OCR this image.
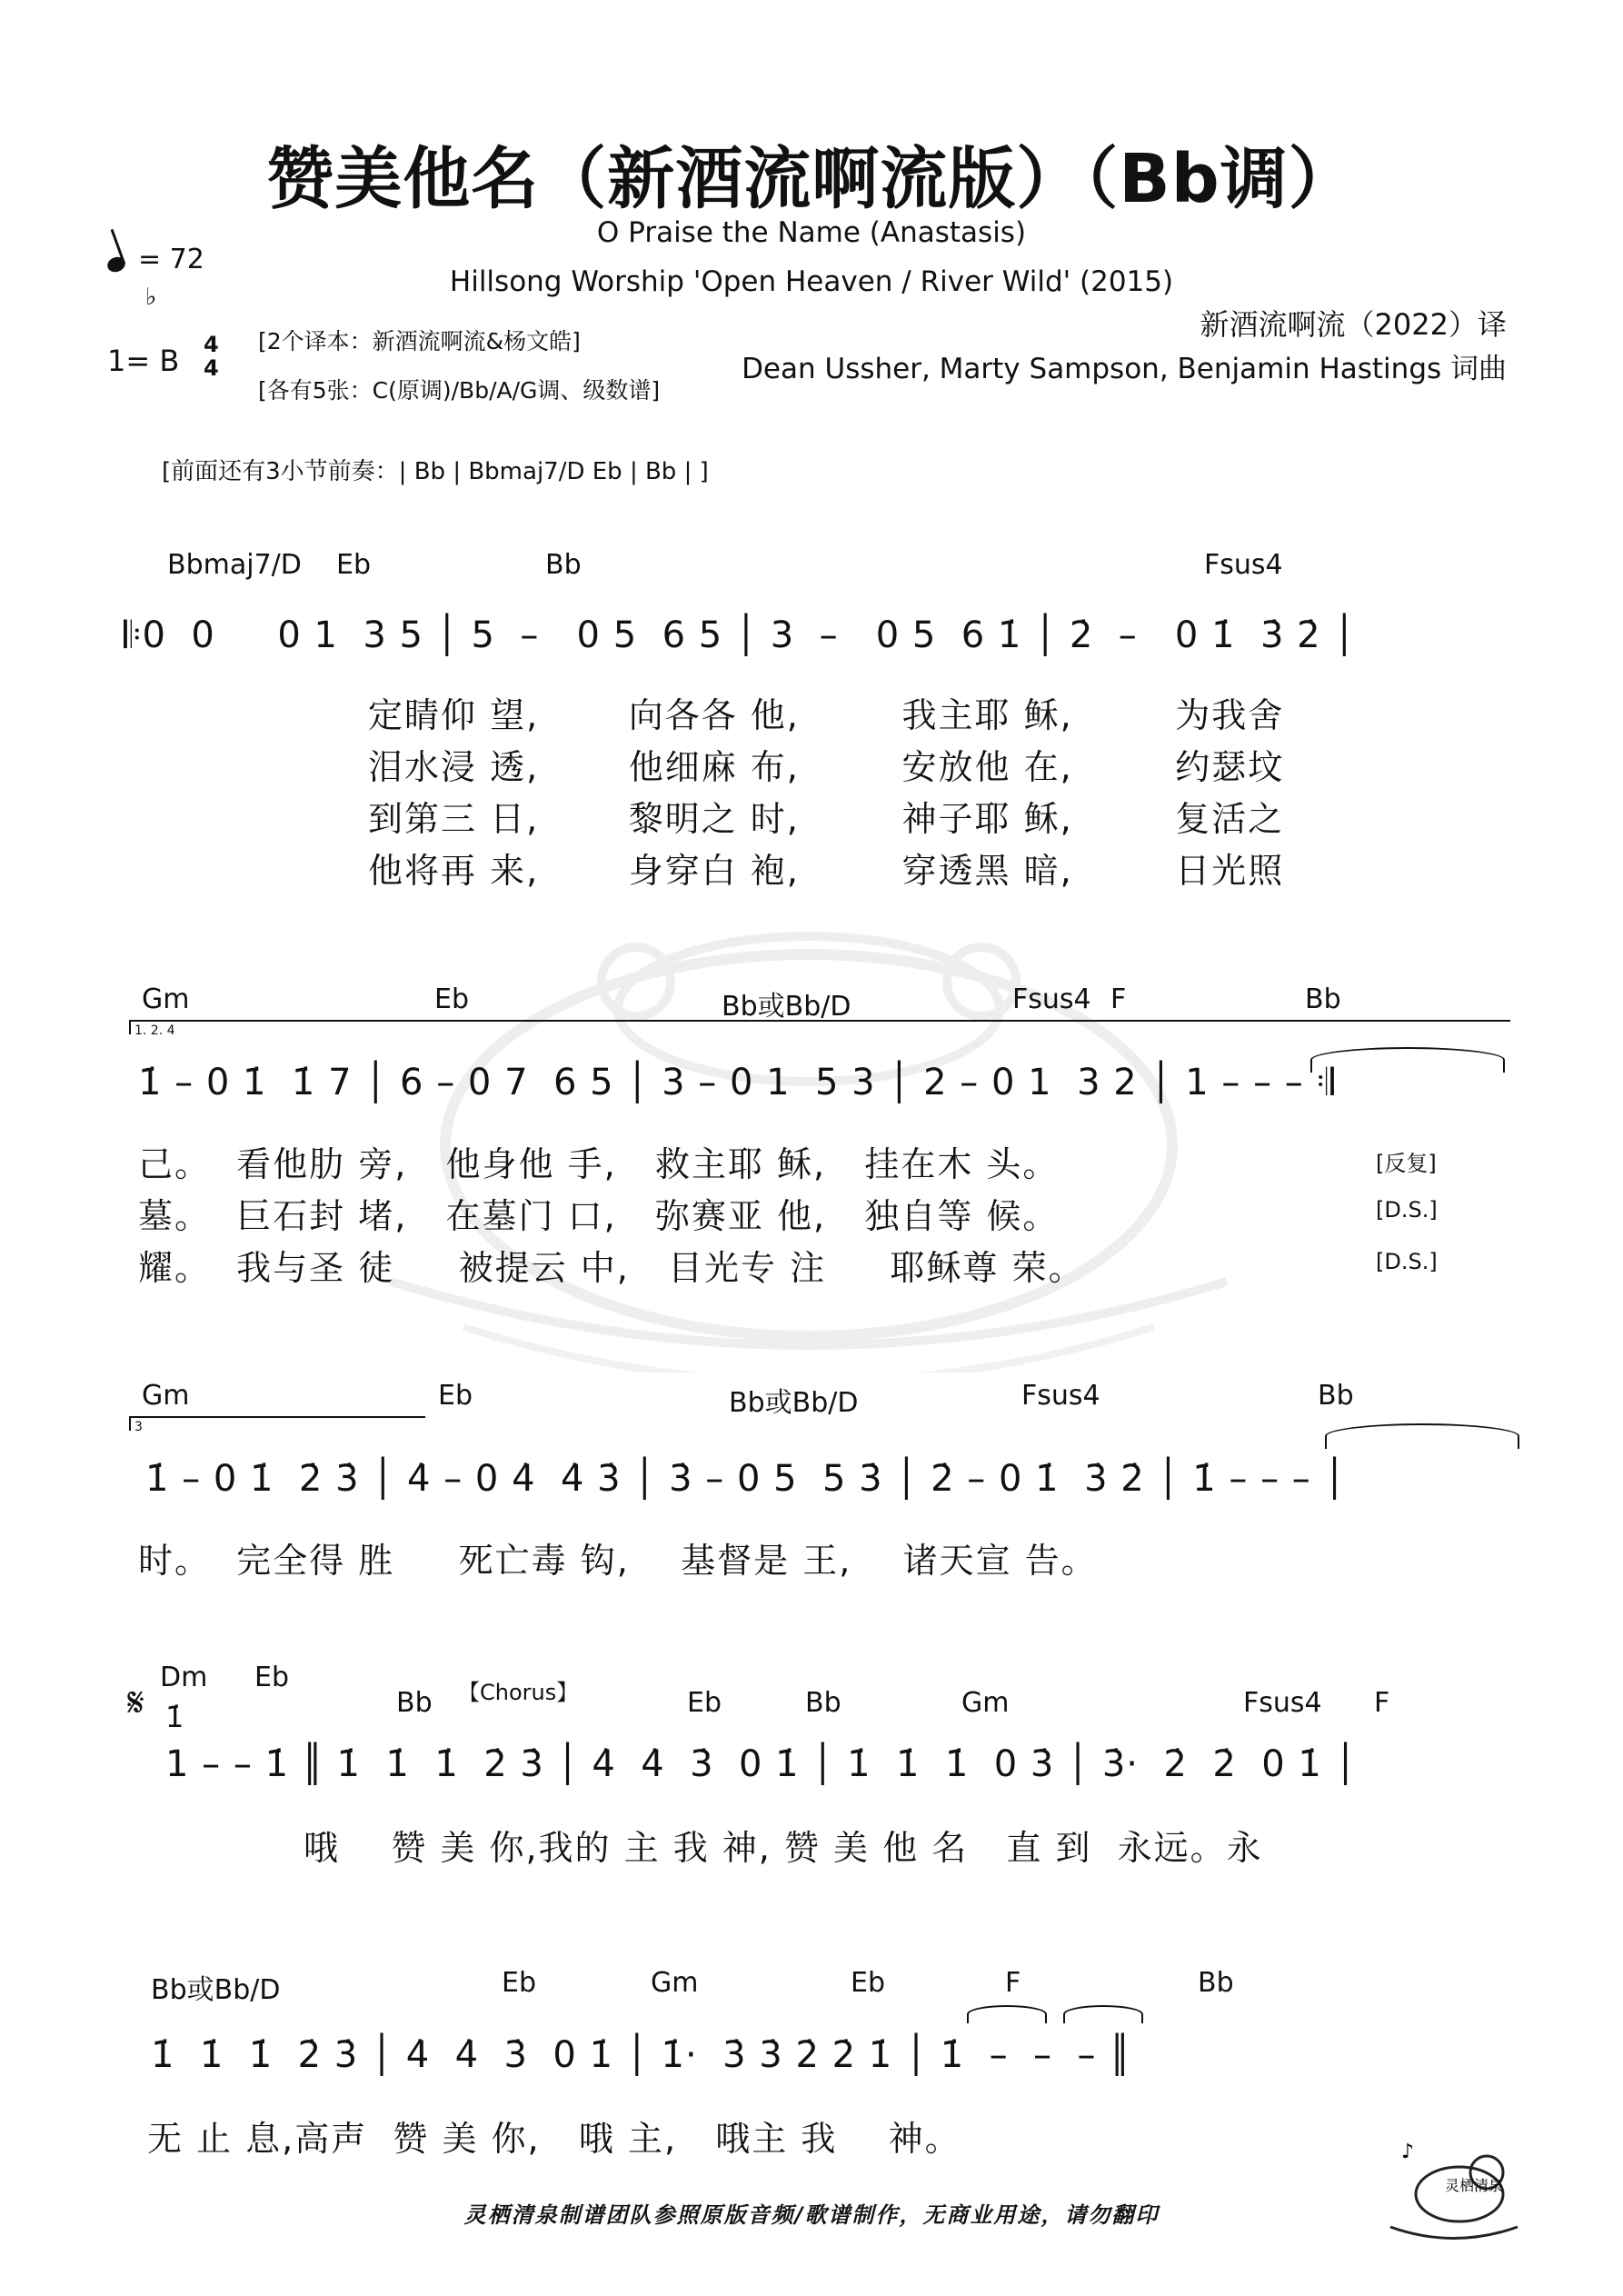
赞美他名（新酒流啊流版）（Bb调）
O Praise the Name (Anastasis)
Hillsong Worship 'Open Heaven / River Wild' (2015)
= 72
1= B
♭
4
4
[2个译本：新酒流啊流&杨文皓]
[各有5张：C(原调)/Bb/A/G调、级数谱]
新酒流啊流（2022）译
Dean Ussher, Marty Sampson, Benjamin Hastings 词曲
[前面还有3小节前奏：| Bb | Bbmaj7/D Eb | Bb | ]
Bbmaj7/D Eb	Bb	Fsus4
𝄆0  0     0 1  3 5 │ 5  –   0 5  6 5 │ 3  –   0 5  6 1̇ │ 2̇  –   0 1̇  3̇ 2̇ │
定睛仰 望,       向各各 他,        我主耶 稣,        为我舍
泪水浸 透,       他细麻 布,        安放他 在,        约瑟坟
到第三 日,       黎明之 时,        神子耶 稣,        复活之
他将再 来,       身穿白 袍,        穿透黑 暗,        日光照
Gm	Eb	Bb或Bb/D	Fsus4 F	Bb
1. 2. 4
1̇ – 0 1̇  1̇ 7 │ 6 – 0 7  6 5 │ 3 – 0 1  5 3 │ 2 – 0 1  3 2 │ 1 – – – 𝄇
己。  看他肋 旁,   他身他 手,   救主耶 稣,   挂在木 头。
墓。  巨石封 堵,   在墓门 口,   弥赛亚 他,   独自等 候。
耀。  我与圣 徒     被提云 中,   目光专 注     耶稣尊 荣。
[反复]
[D.S.]
[D.S.]
Gm	Eb	Bb或Bb/D	Fsus4	Bb
3
1̇ – 0 1̇  2̇ 3̇ │ 4̇ – 0 4̇  4̇ 3̇ │ 3̇ – 0 5  5 3̇ │ 2̇ – 0 1̇  3̇ 2̇ │ 1̇ – – – │
时。  完全得 胜     死亡毒 钩,    基督是 王,    诸天宣 告。
Dm Eb
Bb 【Chorus】	Eb	Bb	Gm	Fsus4 F
𝄋 1̇
1 – – 1̇ ║ 1̇  1̇  1̇  2̇ 3̇ │ 4̇  4̇  3̇  0 1̇ │ 1̇  1̇  1̇  0 3̇ │ 3̇·  2̇  2̇  0 1̇ │
哦    赞 美 你,我的 主 我 神, 赞 美 他 名   直 到  永远。永
Bb或Bb/D	Eb	Gm	Eb	F	Bb
1̇  1̇  1̇  2̇ 3̇ │ 4̇  4̇  3̇  0 1̇ │ 1̇·  3̇ 3̇ 2̇ 2̇ 1̇ │ 1̇  –  –  – ║
无 止 息,高声  赞 美 你,   哦 主,   哦主 我    神。
灵栖清泉制谱团队参照原版音频/歌谱制作，无商业用途，请勿翻印
♪
灵栖清泉
